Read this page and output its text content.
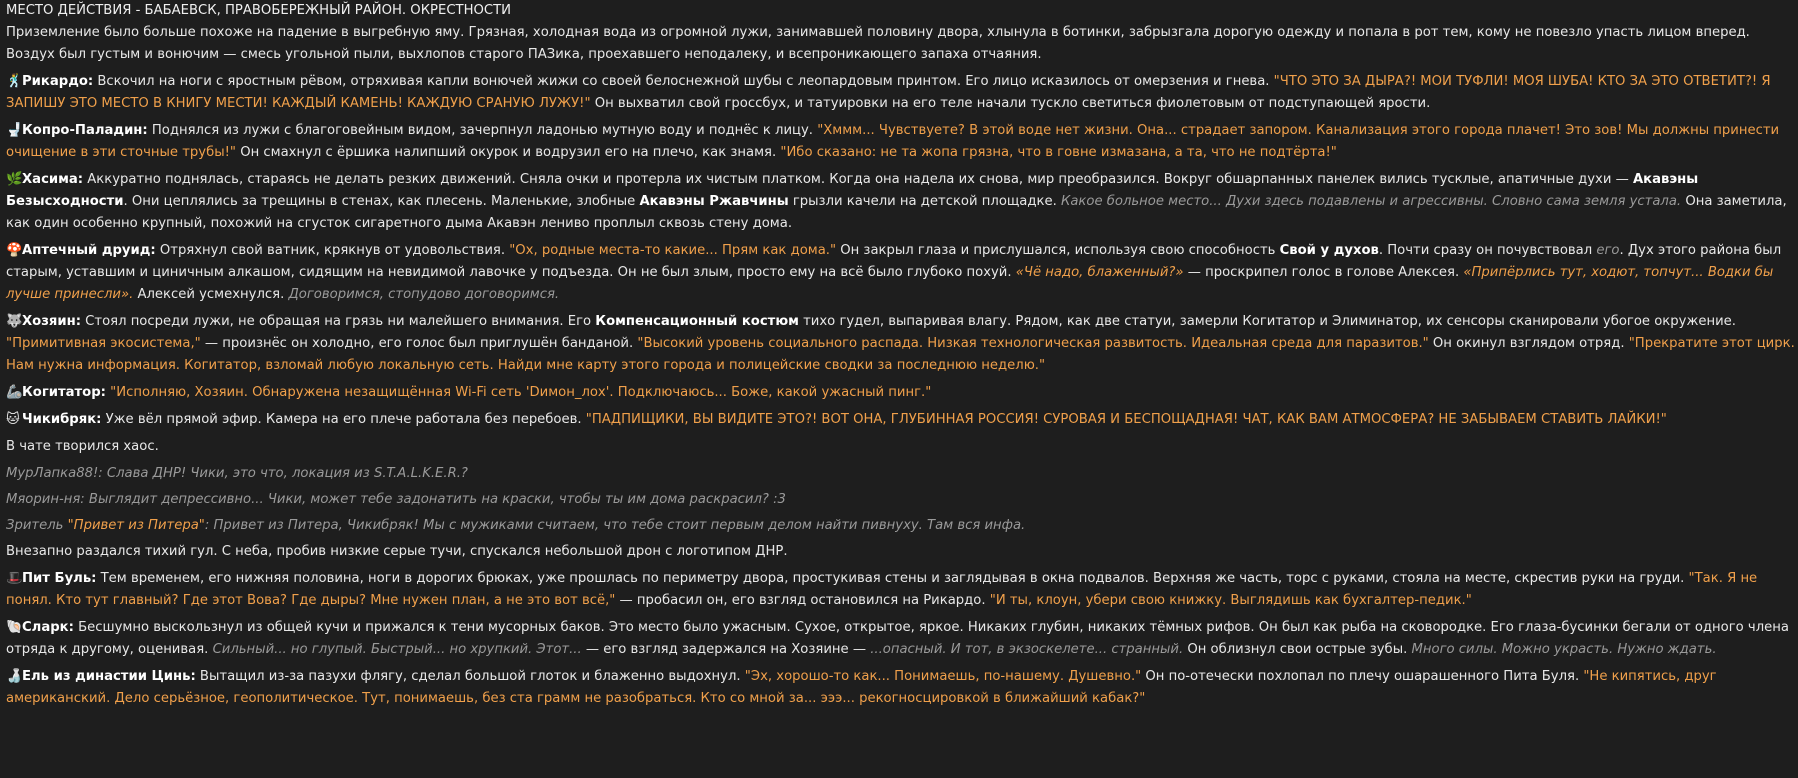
МЕСТО ДЕЙСТВИЯ - БАБАЕВСК, ПРАВОБЕРЕЖНЫЙ РАЙОН. ОКРЕСТНОСТИ

Приземление было больше похоже на падение в выгребную яму. Грязная, холодная вода из огромной лужи, занимавшей половину двора, хлынула в ботинки, забрызгала дорогую одежду и попала в рот тем, кому не повезло упасть лицом вперед. Воздух был густым и вонючим — смесь угольной пыли, выхлопов старого ПАЗика, проехавшего неподалеку, и всепроникающего запаха отчаяния.

🕺Рикардо: Вскочил на ноги с яростным рёвом, отряхивая капли вонючей жижи со своей белоснежной шубы с леопардовым принтом. Его лицо исказилось от омерзения и гнева. "ЧТО ЭТО ЗА ДЫРА?! МОИ ТУФЛИ! МОЯ ШУБА! КТО ЗА ЭТО ОТВЕТИТ?! Я ЗАПИШУ ЭТО МЕСТО В КНИГУ МЕСТИ! КАЖДЫЙ КАМЕНЬ! КАЖДУЮ СРАНУЮ ЛУЖУ!" Он выхватил свой гроссбух, и татуировки на его теле начали тускло светиться фиолетовым от подступающей ярости.

🚽Копро-Паладин: Поднялся из лужи с благоговейным видом, зачерпнул ладонью мутную воду и поднёс к лицу. "Хммм... Чувствуете? В этой воде нет жизни. Она... страдает запором. Канализация этого города плачет! Это зов! Мы должны принести очищение в эти сточные трубы!" Он смахнул с ёршика налипший окурок и водрузил его на плечо, как знамя. "Ибо сказано: не та жопа грязна, что в говне измазана, а та, что не подтёрта!"

🌿Хасима: Аккуратно поднялась, стараясь не делать резких движений. Сняла очки и протерла их чистым платком. Когда она надела их снова, мир преобразился. Вокруг обшарпанных панелек вились тусклые, апатичные духи — Акавэны Безысходности. Они цеплялись за трещины в стенах, как плесень. Маленькие, злобные Акавэны Ржавчины грызли качели на детской площадке. Какое больное место... Духи здесь подавлены и агрессивны. Словно сама земля устала. Она заметила, как один особенно крупный, похожий на сгусток сигаретного дыма Акавэн лениво проплыл сквозь стену дома.

🍄Аптечный друид: Отряхнул свой ватник, крякнув от удовольствия. "Ох, родные места-то какие... Прям как дома." Он закрыл глаза и прислушался, используя свою способность Свой у духов. Почти сразу он почувствовал его. Дух этого района был старым, уставшим и циничным алкашом, сидящим на невидимой лавочке у подъезда. Он не был злым, просто ему на всё было глубоко похуй. «Чё надо, блаженный?» — проскрипел голос в голове Алексея. «Припёрлись тут, ходют, топчут... Водки бы лучше принесли». Алексей усмехнулся. Договоримся, стопудово договоримся.

🐺Хозяин: Стоял посреди лужи, не обращая на грязь ни малейшего внимания. Его Компенсационный костюм тихо гудел, выпаривая влагу. Рядом, как две статуи, замерли Когитатор и Элиминатор, их сенсоры сканировали убогое окружение. "Примитивная экосистема," — произнёс он холодно, его голос был приглушён банданой. "Высокий уровень социального распада. Низкая технологическая развитость. Идеальная среда для паразитов." Он окинул взглядом отряд. "Прекратите этот цирк. Нам нужна информация. Когитатор, взломай любую локальную сеть. Найди мне карту этого города и полицейские сводки за последнюю неделю."

🦾Когитатор: "Исполняю, Хозяин. Обнаружена незащищённая Wi-Fi сеть 'Dимон_лох'. Подключаюсь... Боже, какой ужасный пинг."

🐱 Чикибряк: Уже вёл прямой эфир. Камера на его плече работала без перебоев. "ПАДПИЩИКИ, ВЫ ВИДИТЕ ЭТО?! ВОТ ОНА, ГЛУБИННАЯ РОССИЯ! СУРОВАЯ И БЕСПОЩАДНАЯ! ЧАТ, КАК ВАМ АТМОСФЕРА? НЕ ЗАБЫВАЕМ СТАВИТЬ ЛАЙКИ!"

В чате творился хаос.

МурЛапка88!: Слава ДНР! Чики, это что, локация из S.T.A.L.K.E.R.?

Мяорин-ня: Выглядит депрессивно... Чики, может тебе задонатить на краски, чтобы ты им дома раскрасил? :3

Зритель "Привет из Питера": Привет из Питера, Чикибряк! Мы с мужиками считаем, что тебе стоит первым делом найти пивнуху. Там вся инфа.

Внезапно раздался тихий гул. С неба, пробив низкие серые тучи, спускался небольшой дрон с логотипом ДНР.

🎩Пит Буль: Тем временем, его нижняя половина, ноги в дорогих брюках, уже прошлась по периметру двора, простукивая стены и заглядывая в окна подвалов. Верхняя же часть, торс с руками, стояла на месте, скрестив руки на груди. "Так. Я не понял. Кто тут главный? Где этот Вова? Где дыры? Мне нужен план, а не это вот всё," — пробасил он, его взгляд остановился на Рикардо. "И ты, клоун, убери свою книжку. Выглядишь как бухгалтер-педик."

🐚Сларк: Бесшумно выскользнул из общей кучи и прижался к тени мусорных баков. Это место было ужасным. Сухое, открытое, яркое. Никаких глубин, никаких тёмных рифов. Он был как рыба на сковородке. Его глаза-бусинки бегали от одного члена отряда к другому, оценивая. Сильный... но глупый. Быстрый... но хрупкий. Этот... — его взгляд задержался на Хозяине — ...опасный. И тот, в экзоскелете... странный. Он облизнул свои острые зубы. Много силы. Можно украсть. Нужно ждать.

🍶Ель из династии Цинь: Вытащил из-за пазухи флягу, сделал большой глоток и блаженно выдохнул. "Эх, хорошо-то как... Понимаешь, по-нашему. Душевно." Он по-отечески похлопал по плечу ошарашенного Пита Буля. "Не кипятись, друг американский. Дело серьёзное, геополитическое. Тут, понимаешь, без ста грамм не разобраться. Кто со мной за... эээ... рекогносцировкой в ближайший кабак?"
